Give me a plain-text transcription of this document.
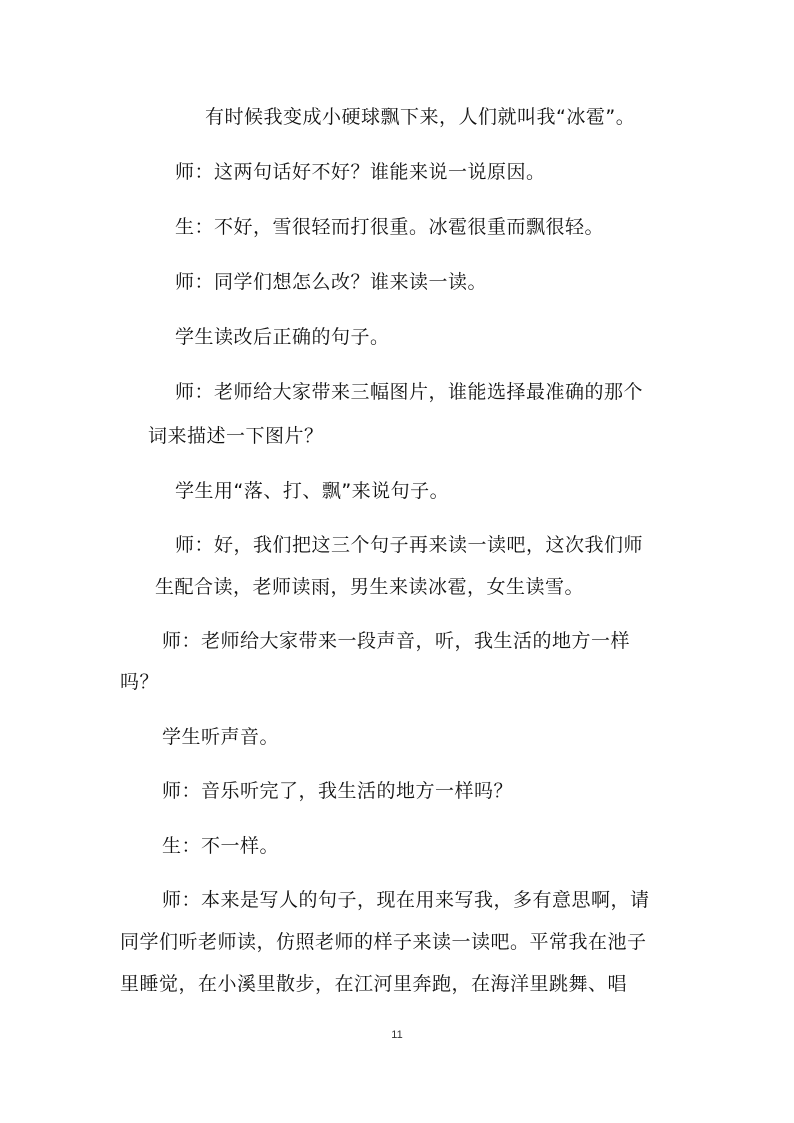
有时候我变成小硬球飘下来，人们就叫我“冰雹”。
师：这两句话好不好？谁能来说一说原因。
生：不好，雪很轻而打很重。冰雹很重而飘很轻。
师：同学们想怎么改？谁来读一读。
学生读改后正确的句子。
师：老师给大家带来三幅图片，谁能选择最准确的那个
词来描述一下图片？
学生用“落、打、飘”来说句子。
师：好，我们把这三个句子再来读一读吧，这次我们师
生配合读，老师读雨，男生来读冰雹，女生读雪。
师：老师给大家带来一段声音，听，我生活的地方一样
吗？
学生听声音。
师：音乐听完了，我生活的地方一样吗？
生：不一样。
师：本来是写人的句子，现在用来写我，多有意思啊，请
同学们听老师读，仿照老师的样子来读一读吧。平常我在池子
里睡觉，在小溪里散步，在江河里奔跑，在海洋里跳舞、唱
11
